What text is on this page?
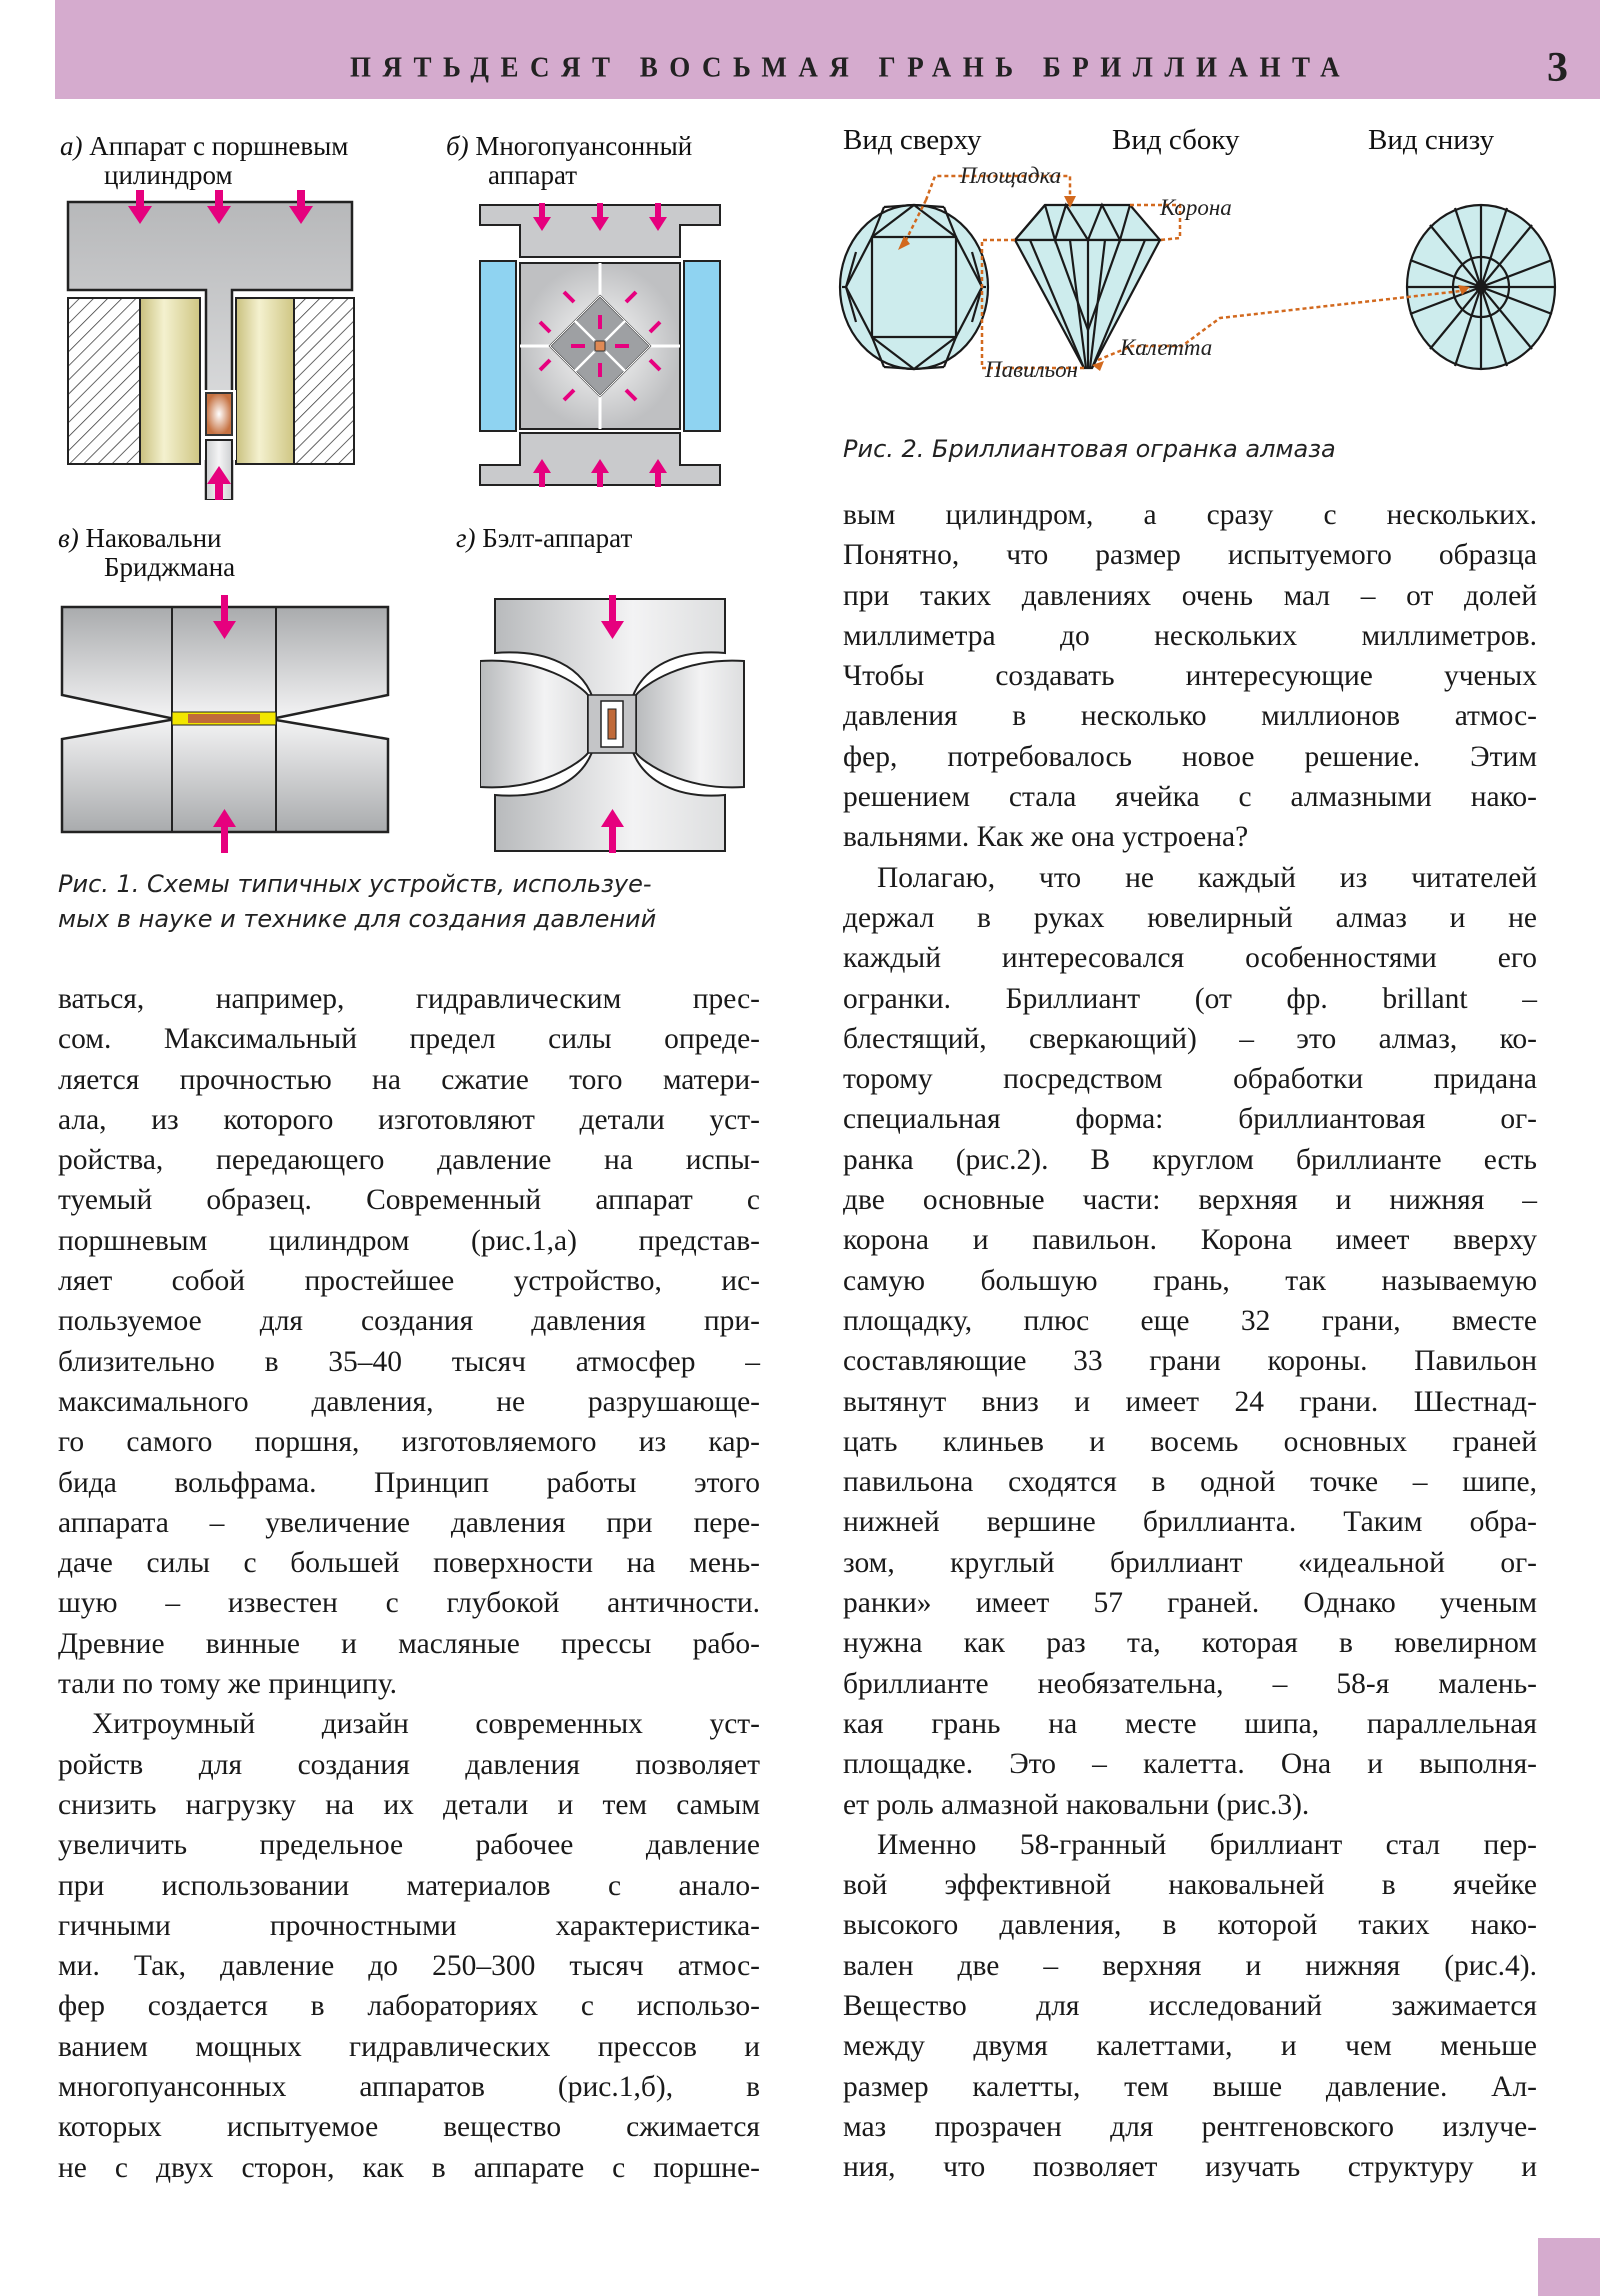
ПЯТЬДЕСЯТ ВОСЬМАЯ ГРАНЬ БРИЛЛИАНТА	3
а) Аппарат с поршневым
цилиндром
б) Многопуансонный
аппарат
в) Наковальни
Бриджмана
г) Бэлт-аппарат
Рис. 1. Схемы типичных устройств, используе-
мых в науке и технике для создания давлений
Вид сверху	Вид сбоку	Вид снизу
Площадка
Корона
Калетта
Павильон
Рис. 2. Бриллиантовая огранка алмаза
ваться, например, гидравлическим прес-
сом. Максимальный предел силы опреде-
ляется прочностью на сжатие того матери-
ала, из которого изготовляют детали уст-
ройства, передающего давление на испы-
туемый образец. Современный аппарат с
поршневым цилиндром (рис.1,а) представ-
ляет собой простейшее устройство, ис-
пользуемое для создания давления при-
близительно в 35–40 тысяч атмосфер –
максимального давления, не разрушающе-
го самого поршня, изготовляемого из кар-
бида вольфрама. Принцип работы этого
аппарата – увеличение давления при пере-
даче силы с большей поверхности на мень-
шую – известен с глубокой античности.
Древние винные и масляные прессы рабо-
тали по тому же принципу.
Хитроумный дизайн современных уст-
ройств для создания давления позволяет
снизить нагрузку на их детали и тем самым
увеличить предельное рабочее давление
при использовании материалов с анало-
гичными прочностными характеристика-
ми. Так, давление до 250–300 тысяч атмос-
фер создается в лабораториях с использо-
ванием мощных гидравлических прессов и
многопуансонных аппаратов (рис.1,б), в
которых испытуемое вещество сжимается
не с двух сторон, как в аппарате с поршне-
вым цилиндром, а сразу с нескольких.
Понятно, что размер испытуемого образца
при таких давлениях очень мал – от долей
миллиметра до нескольких миллиметров.
Чтобы создавать интересующие ученых
давления в несколько миллионов атмос-
фер, потребовалось новое решение. Этим
решением стала ячейка с алмазными нако-
вальнями. Как же она устроена?
Полагаю, что не каждый из читателей
держал в руках ювелирный алмаз и не
каждый интересовался особенностями его
огранки. Бриллиант (от фр. brillant –
блестящий, сверкающий) – это алмаз, ко-
торому посредством обработки придана
специальная форма: бриллиантовая ог-
ранка (рис.2). В круглом бриллианте есть
две основные части: верхняя и нижняя –
корона и павильон. Корона имеет вверху
самую большую грань, так называемую
площадку, плюс еще 32 грани, вместе
составляющие 33 грани короны. Павильон
вытянут вниз и имеет 24 грани. Шестнад-
цать клиньев и восемь основных граней
павильона сходятся в одной точке – шипе,
нижней вершине бриллианта. Таким обра-
зом, круглый бриллиант «идеальной ог-
ранки» имеет 57 граней. Однако ученым
нужна как раз та, которая в ювелирном
бриллианте необязательна, – 58-я малень-
кая грань на месте шипа, параллельная
площадке. Это – калетта. Она и выполня-
ет роль алмазной наковальни (рис.3).
Именно 58-гранный бриллиант стал пер-
вой эффективной наковальней в ячейке
высокого давления, в которой таких нако-
вален две – верхняя и нижняя (рис.4).
Вещество для исследований зажимается
между двумя калеттами, и чем меньше
размер калетты, тем выше давление. Ал-
маз прозрачен для рентгеновского излуче-
ния, что позволяет изучать структуру и
